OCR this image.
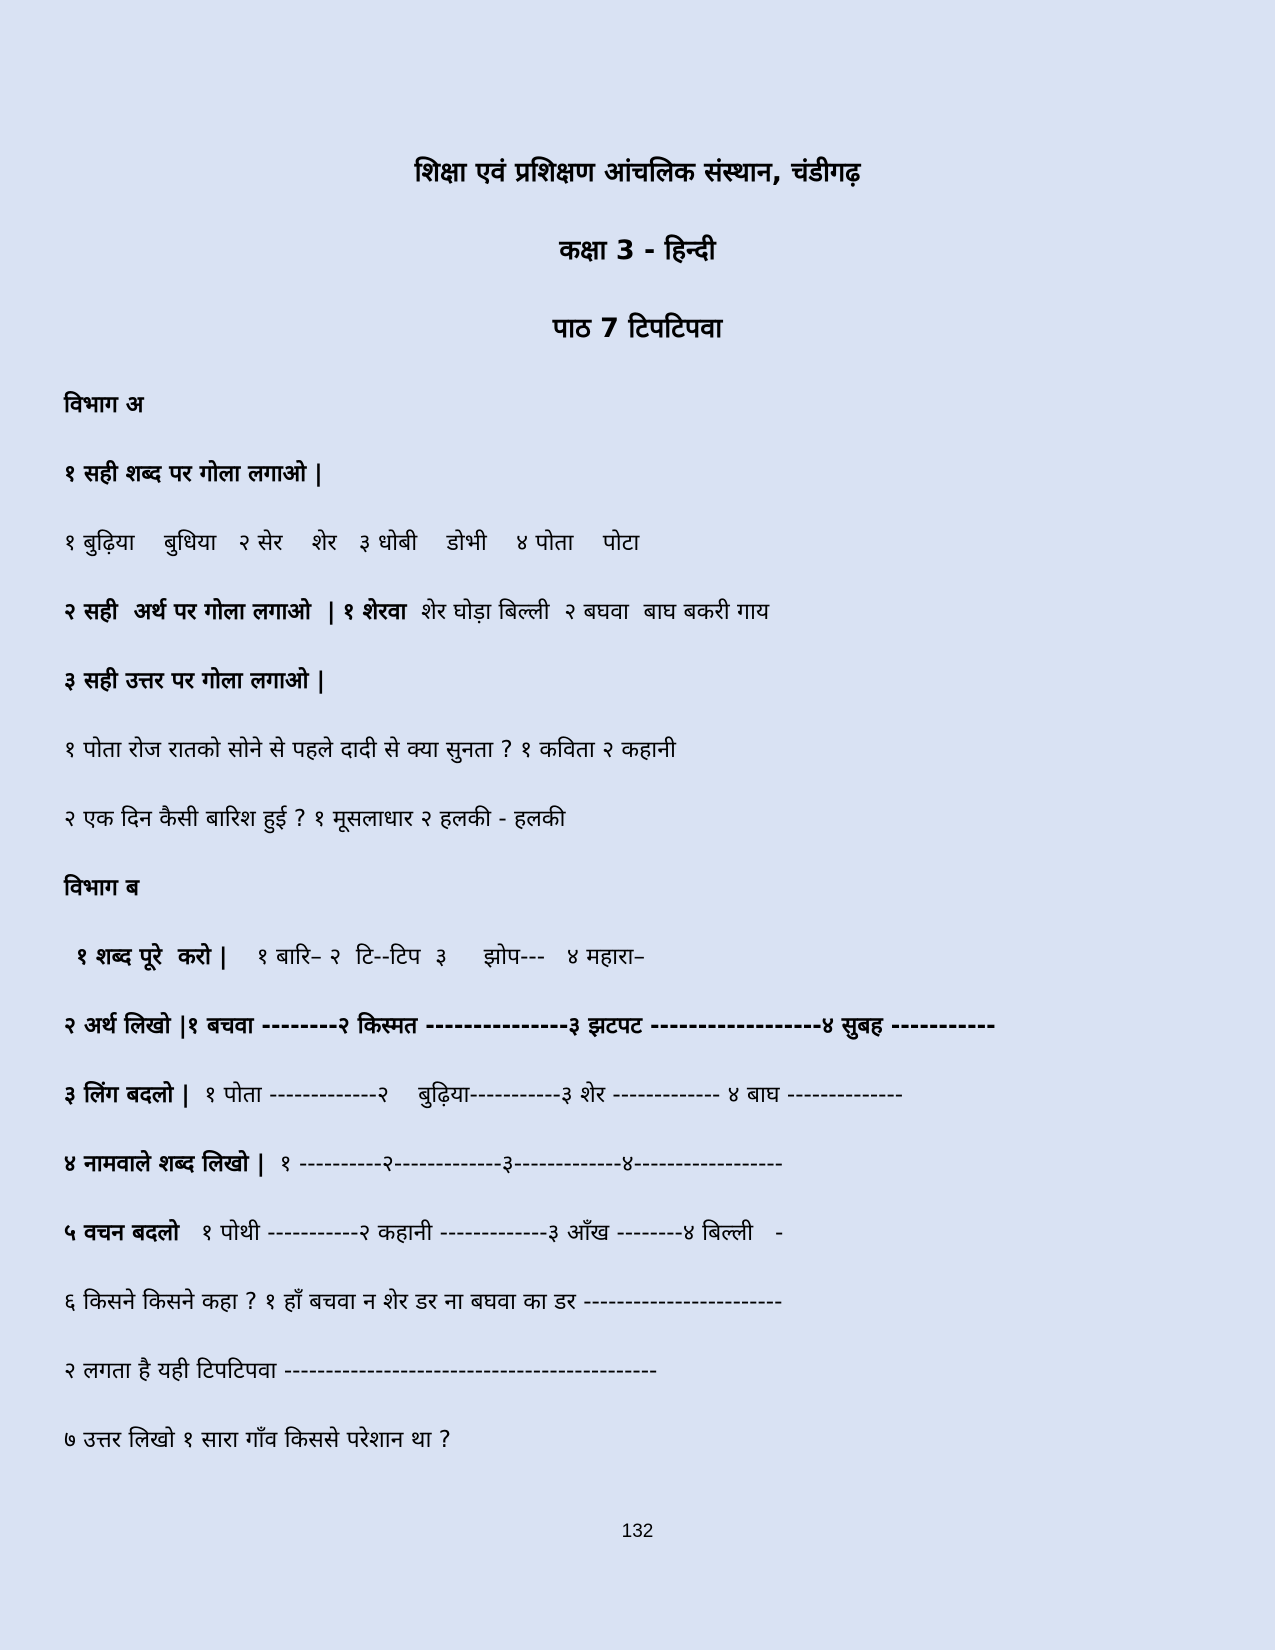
शिक्षा एवं प्रशिक्षण आंचलिक संस्थान, चंडीगढ़
कक्षा 3 - हिन्दी
पाठ 7 टिपटिपवा
विभाग अ
१ सही शब्द पर गोला लगाओ |
१ बुढ़िया    बुधिया   २ सेर    शेर   ३ धोबी    डोभी    ४ पोता    पोटा
२ सही  अर्थ पर गोला लगाओ  | १ शेरवा  शेर घोड़ा बिल्ली  २ बघवा  बाघ बकरी गाय
३ सही उत्तर पर गोला लगाओ |
१ पोता रोज रातको सोने से पहले दादी से क्या सुनता ? १ कविता २ कहानी
२ एक दिन कैसी बारिश हुई ? १ मूसलाधार २ हलकी - हलकी
विभाग ब
१ शब्द पूरे  करो |    १ बारि– २  टि--टिप  ३     झोप---   ४ महारा–
२ अर्थ लिखो |१ बचवा --------२ किस्मत ---------------३ झटपट ------------------४ सुबह -----------
३ लिंग बदलो |  १ पोता -------------२    बुढ़िया-----------३ शेर ------------- ४ बाघ --------------
४ नामवाले शब्द लिखो |  १ ----------२-------------३-------------४------------------
५ वचन बदलो   १ पोथी -----------२ कहानी -------------३ आँख --------४ बिल्ली   -
६ किसने किसने कहा ? १ हाँ बचवा न शेर डर ना बघवा का डर ------------------------
२ लगता है यही टिपटिपवा ---------------------------------------------
७ उत्तर लिखो १ सारा गाँव किससे परेशान था ?
132
